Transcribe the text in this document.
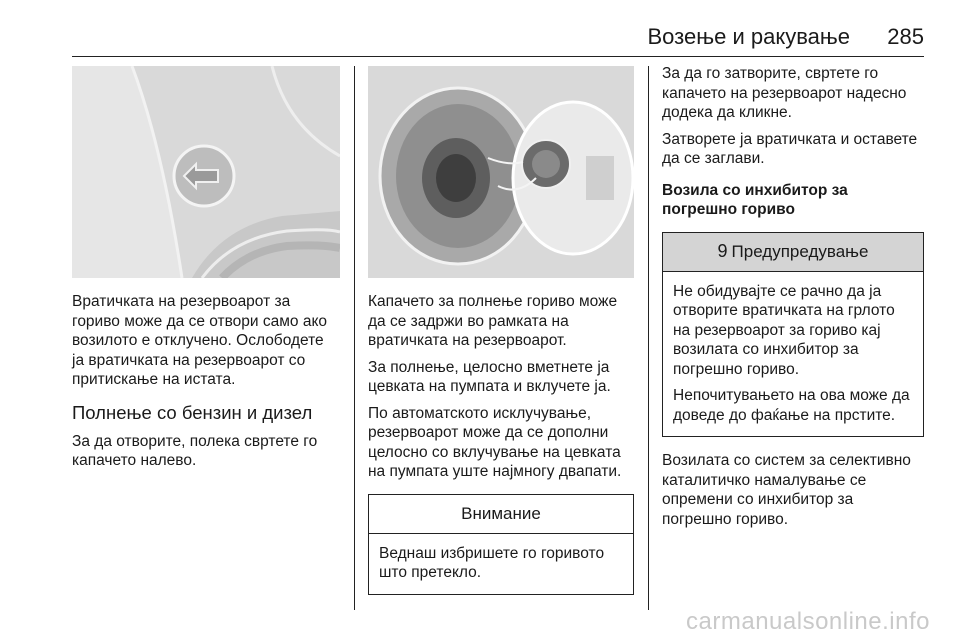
Возење и ракување 285

Вратичката на резервоарот за гориво може да се отвори само ако возилото е отклучено. Ослободете ја вратичката на резервоарот со притискање на истата.

Полнење со бензин и дизел

За да отворите, полека свртете го капачето налево.

Капачето за полнење гориво може да се задржи во рамката на вратичката на резервоарот.

За полнење, целосно вметнете ја цевката на пумпата и вклучете ја.

По автоматското исклучување, резервоарот може да се дополни целосно со вклучување на цевката на пумпата уште најмногу двапати.

Внимание

Веднаш избришете го горивото што претекло.

За да го затворите, свртете го капачето на резервоарот надесно додека да кликне.

Затворете ја вратичката и оставете да се заглави.

Возила со инхибитор за погрешно гориво
9 Предупредување

Не обидувајте се рачно да ја отворите вратичката на грлото на резервоарот за гориво кај возилата со инхибитор за погрешно гориво.

Непочитувањето на ова може да доведе до фаќање на прстите.

Возилата со систем за селективно каталитичко намалување се опремени со инхибитор за погрешно гориво.

carmanualsonline.info
